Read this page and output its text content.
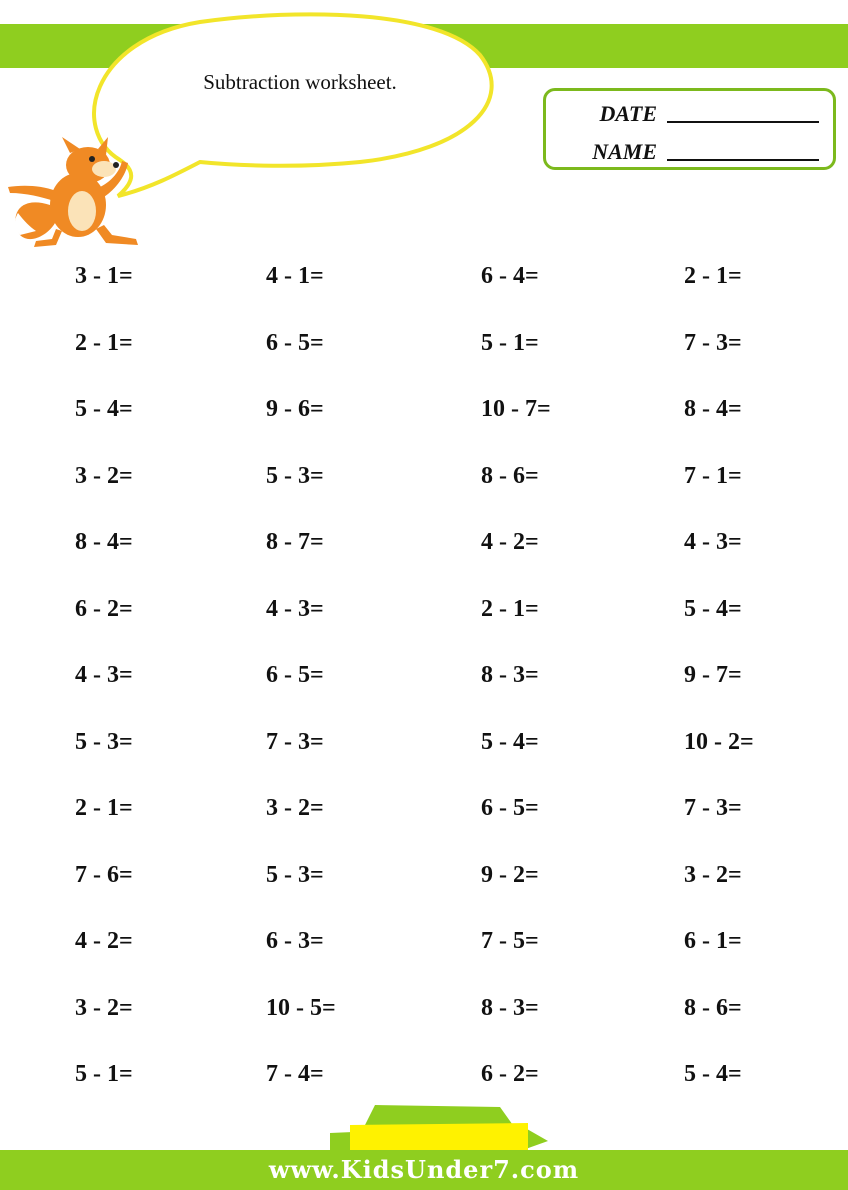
Subtraction worksheet.
DATE
NAME
3 - 1=	4 - 1=	6 - 4=	2 - 1=
2 - 1=	6 - 5=	5 - 1=	7 - 3=
5 - 4=	9 - 6=	10 - 7=	8 - 4=
3 - 2=	5 - 3=	8 - 6=	7 - 1=
8 - 4=	8 - 7=	4 - 2=	4 - 3=
6 - 2=	4 - 3=	2 - 1=	5 - 4=
4 - 3=	6 - 5=	8 - 3=	9 - 7=
5 - 3=	7 - 3=	5 - 4=	10 - 2=
2 - 1=	3 - 2=	6 - 5=	7 - 3=
7 - 6=	5 - 3=	9 - 2=	3 - 2=
4 - 2=	6 - 3=	7 - 5=	6 - 1=
3 - 2=	10 - 5=	8 - 3=	8 - 6=
5 - 1=	7 - 4=	6 - 2=	5 - 4=
www.KidsUnder7.com
